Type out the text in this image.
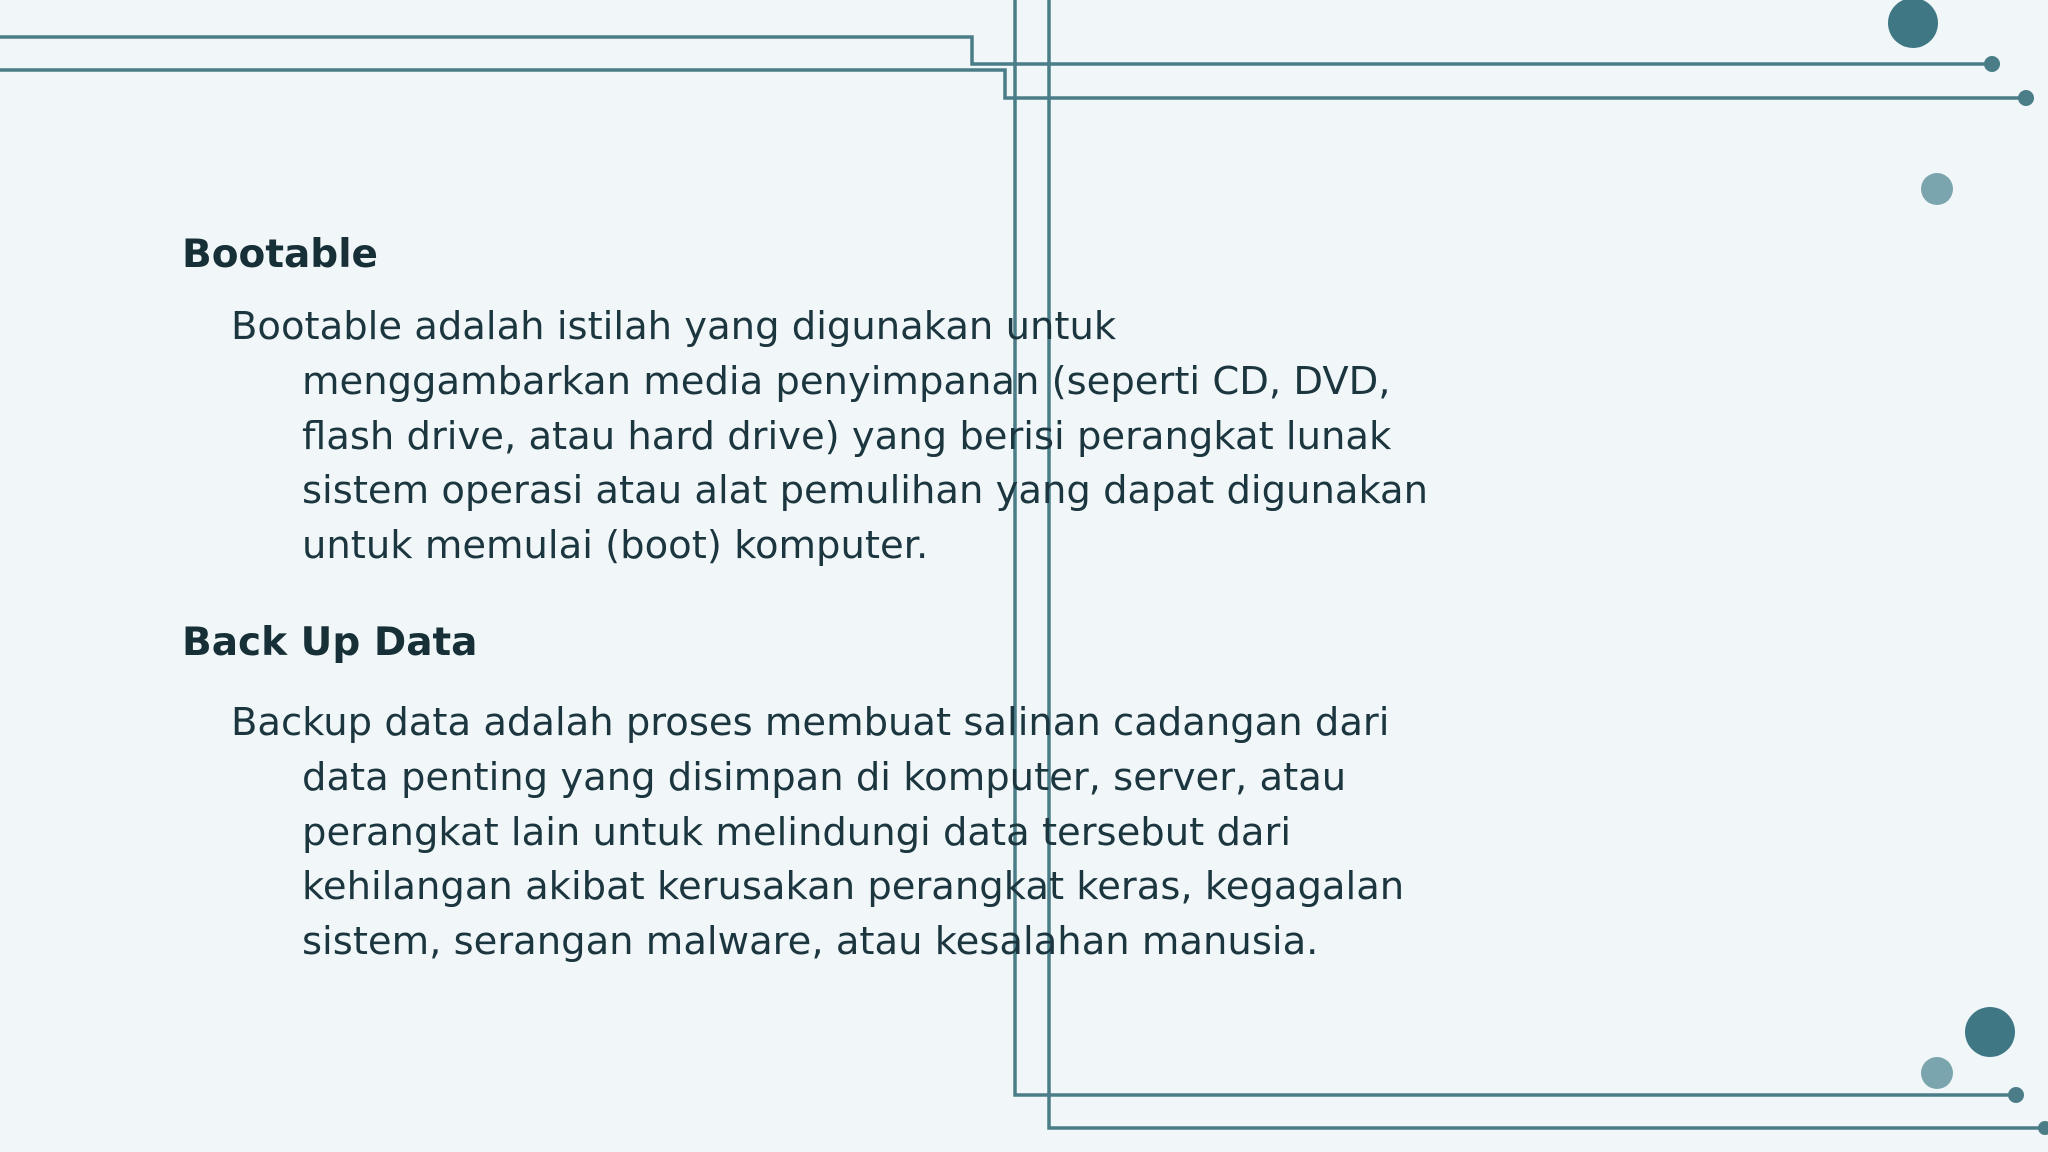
Bootable

Bootable adalah istilah yang digunakan untuk menggambarkan media penyimpanan (seperti CD, DVD, flash drive, atau hard drive) yang berisi perangkat lunak sistem operasi atau alat pemulihan yang dapat digunakan untuk memulai (boot) komputer.

Back Up Data

Backup data adalah proses membuat salinan cadangan dari data penting yang disimpan di komputer, server, atau perangkat lain untuk melindungi data tersebut dari kehilangan akibat kerusakan perangkat keras, kegagalan sistem, serangan malware, atau kesalahan manusia.
